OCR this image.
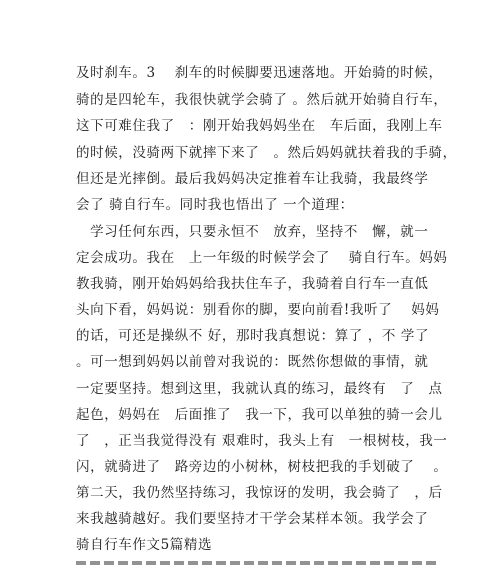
及时刹车。3　 刹车的时候脚要迅速落地。开始骑的时候，
骑的是四轮车，我很快就学会骑了 。然后就开始骑自行车，
这下可难住我了　：刚开始我妈妈坐在　车后面，我刚上车
的时候，没骑两下就摔下来了　。然后妈妈就扶着我的手骑，
但还是光摔倒。最后我妈妈决定推着车让我骑，我最终学
会了 骑自行车。同时我也悟出了 一个道理：
　学习任何东西，只要永恒不　放弃，坚持不　懈，就一
定会成功。我在　上一年级的时候学会了　 骑自行车。妈妈
教我骑，刚开始妈妈给我扶住车子，我骑着自行车一直低
头向下看，妈妈说：别看你的脚，要向前看!我听了　 妈妈
的话，可还是操纵不 好，那时我真想说：算了 ，不 学了
。可一想到妈妈以前曾对我说的：既然你想做的事情，就
一定要坚持。想到这里，我就认真的练习，最终有　了　点
起色，妈妈在　后面推了　我一下，我可以单独的骑一会儿
了　，正当我觉得没有 艰难时，我头上有　一根树枝，我一
闪，就骑进了　路旁边的小树林，树枝把我的手划破了　 。
第二天，我仍然坚持练习，我惊讶的发明，我会骑了　，后
来我越骑越好。我们要坚持才干学会某样本领。我学会了
骑自行车作文5篇精选
